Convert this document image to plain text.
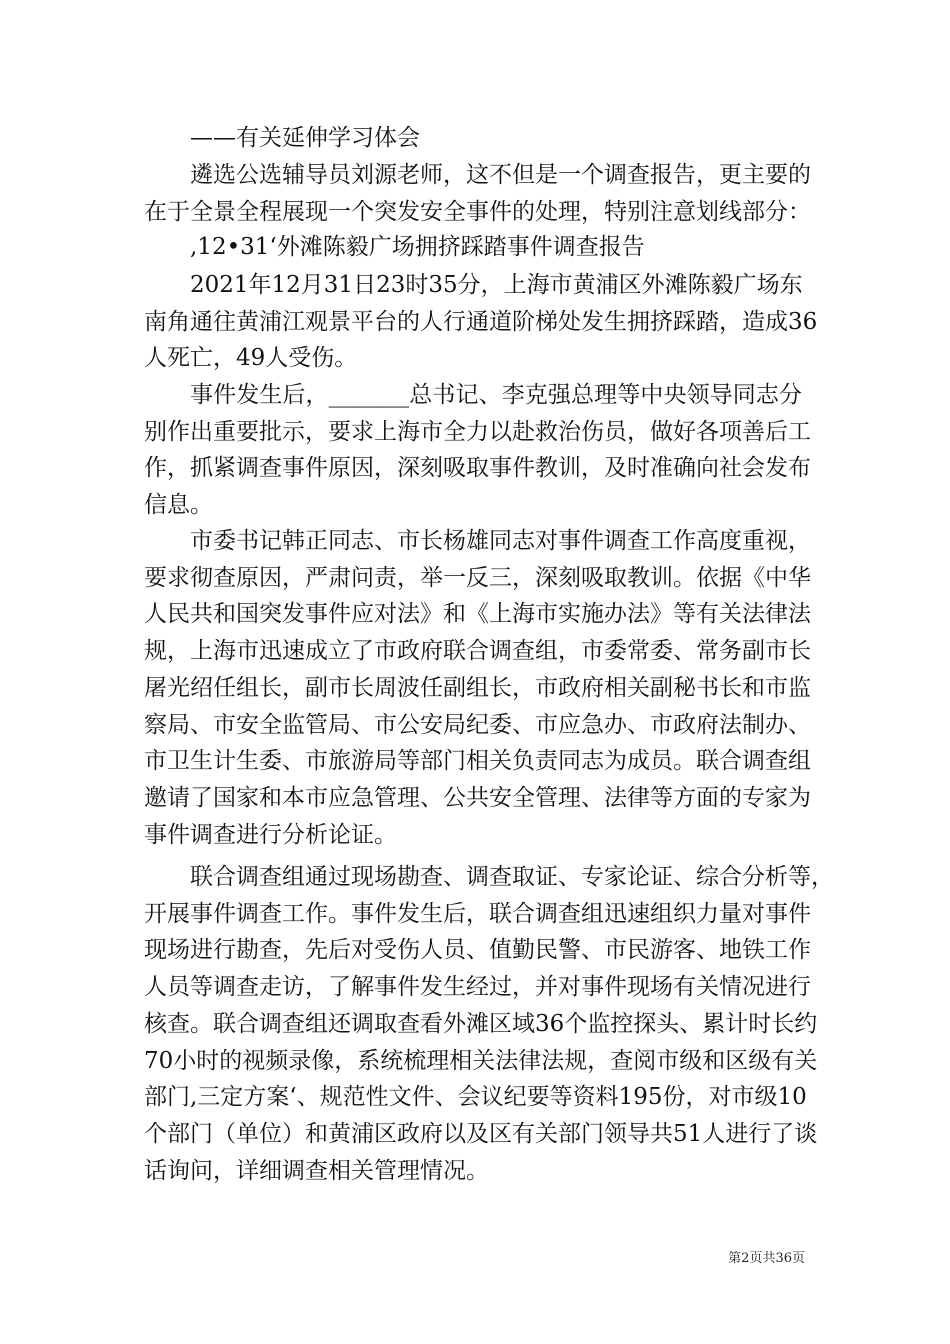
——有关延伸学习体会
遴选公选辅导员刘源老师，这不但是一个调查报告，更主要的
在于全景全程展现一个突发安全事件的处理，特别注意划线部分：
,12•31‘外滩陈毅广场拥挤踩踏事件调查报告
2021年12月31日23时35分，上海市黄浦区外滩陈毅广场东
南角通往黄浦江观景平台的人行通道阶梯处发生拥挤踩踏，造成36
人死亡，49人受伤。
事件发生后，_______总书记、李克强总理等中央领导同志分
别作出重要批示，要求上海市全力以赴救治伤员，做好各项善后工
作，抓紧调查事件原因，深刻吸取事件教训，及时准确向社会发布
信息。
市委书记韩正同志、市长杨雄同志对事件调查工作高度重视，
要求彻查原因，严肃问责，举一反三，深刻吸取教训。依据《中华
人民共和国突发事件应对法》和《上海市实施办法》等有关法律法
规，上海市迅速成立了市政府联合调查组，市委常委、常务副市长
屠光绍任组长，副市长周波任副组长，市政府相关副秘书长和市监
察局、市安全监管局、市公安局纪委、市应急办、市政府法制办、
市卫生计生委、市旅游局等部门相关负责同志为成员。联合调查组
邀请了国家和本市应急管理、公共安全管理、法律等方面的专家为
事件调查进行分析论证。
联合调查组通过现场勘查、调查取证、专家论证、综合分析等，
开展事件调查工作。事件发生后，联合调查组迅速组织力量对事件
现场进行勘查，先后对受伤人员、值勤民警、市民游客、地铁工作
人员等调查走访，了解事件发生经过，并对事件现场有关情况进行
核查。联合调查组还调取查看外滩区域36个监控探头、累计时长约
70小时的视频录像，系统梳理相关法律法规，查阅市级和区级有关
部门,三定方案‘、规范性文件、会议纪要等资料195份，对市级10
个部门（单位）和黄浦区政府以及区有关部门领导共51人进行了谈
话询问，详细调查相关管理情况。
第2页共36页
